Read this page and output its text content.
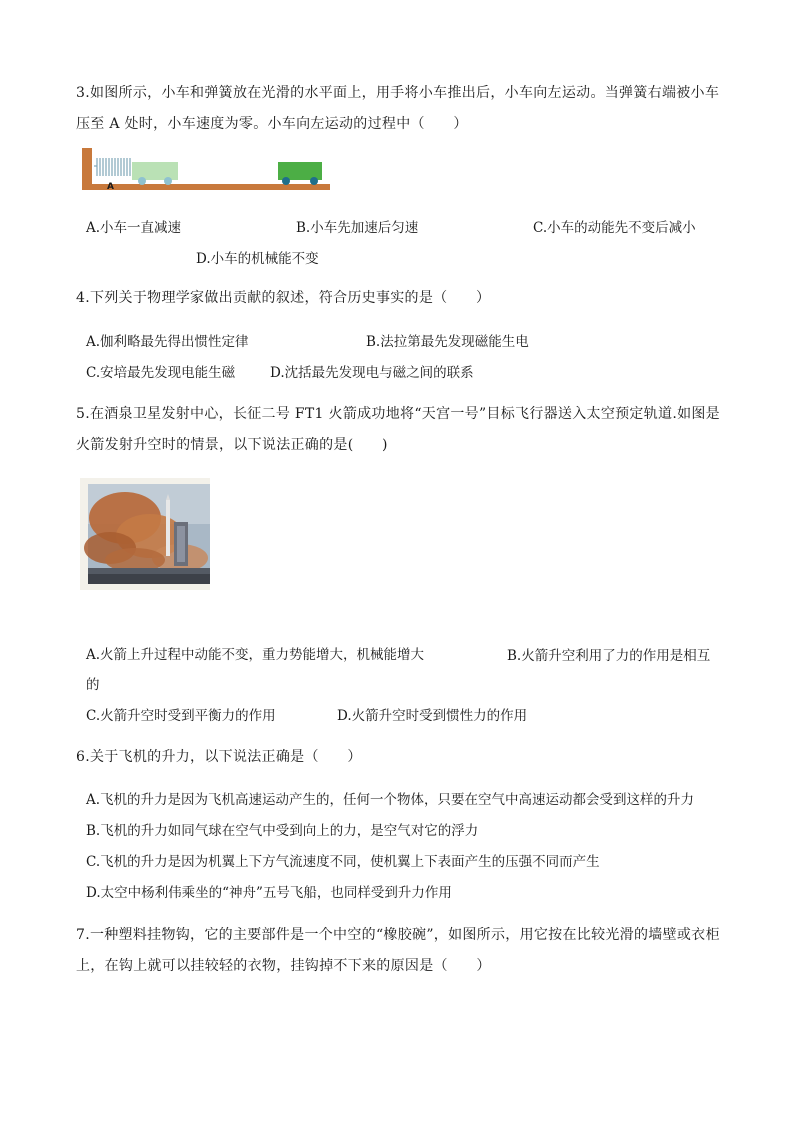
3.如图所示，小车和弹簧放在光滑的水平面上，用手将小车推出后，小车向左运动。当弹簧右端被小车压至 A 处时，小车速度为零。小车向左运动的过程中（　　）
A
A.小车一直减速	B.小车先加速后匀速	C.小车的动能先不变后减小
D.小车的机械能不变
4.下列关于物理学家做出贡献的叙述，符合历史事实的是（　　）
A.伽利略最先得出惯性定律	B.法拉第最先发现磁能生电
C.安培最先发现电能生磁	D.沈括最先发现电与磁之间的联系
5.在酒泉卫星发射中心，长征二号 FT1 火箭成功地将“天宫一号”目标飞行器送入太空预定轨道.如图是火箭发射升空时的情景，以下说法正确的是(　　)
A.火箭上升过程中动能不变，重力势能增大，机械能增大
的
B.火箭升空利用了力的作用是相互
C.火箭升空时受到平衡力的作用	D.火箭升空时受到惯性力的作用
6.关于飞机的升力，以下说法正确是（　　）
A.飞机的升力是因为飞机高速运动产生的，任何一个物体，只要在空气中高速运动都会受到这样的升力
B.飞机的升力如同气球在空气中受到向上的力，是空气对它的浮力
C.飞机的升力是因为机翼上下方气流速度不同，使机翼上下表面产生的压强不同而产生
D.太空中杨利伟乘坐的“神舟”五号飞船，也同样受到升力作用
7.一种塑料挂物钩，它的主要部件是一个中空的“橡胶碗”，如图所示，用它按在比较光滑的墙壁或衣柜上，在钩上就可以挂较轻的衣物，挂钩掉不下来的原因是（　　）
